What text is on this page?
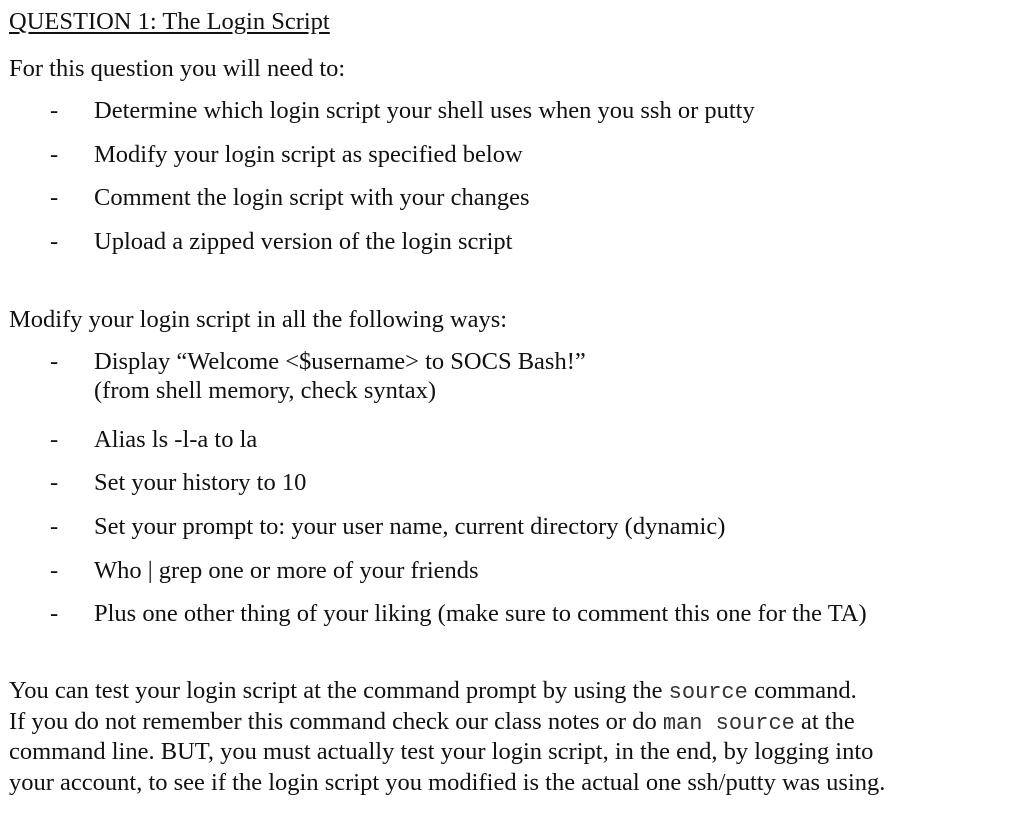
QUESTION 1: The Login Script
For this question you will need to:
- Determine which login script your shell uses when you ssh or putty
- Modify your login script as specified below
- Comment the login script with your changes
- Upload a zipped version of the login script
Modify your login script in all the following ways:
- Display “Welcome <$username> to SOCS Bash!”
(from shell memory, check syntax)
- Alias ls -l-a to la
- Set your history to 10
- Set your prompt to: your user name, current directory (dynamic)
- Who | grep one or more of your friends
- Plus one other thing of your liking (make sure to comment this one for the TA)
You can test your login script at the command prompt by using the source command.
If you do not remember this command check our class notes or do man source at the
command line. BUT, you must actually test your login script, in the end, by logging into
your account, to see if the login script you modified is the actual one ssh/putty was using.
